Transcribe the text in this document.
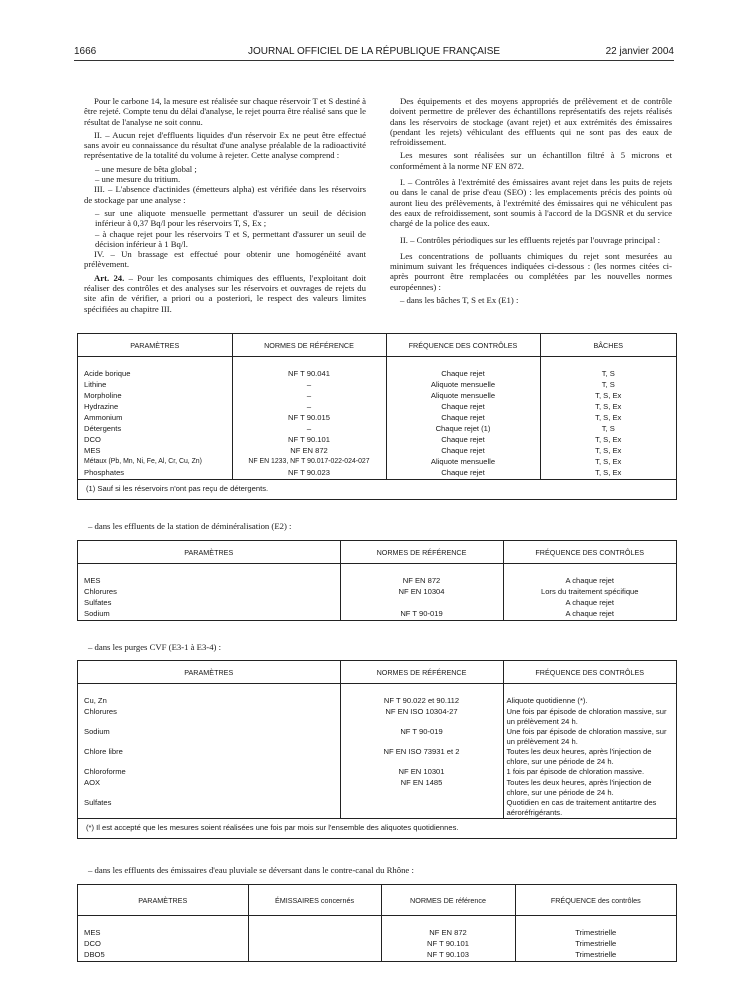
1666	JOURNAL OFFICIEL DE LA RÉPUBLIQUE FRANÇAISE	22 janvier 2004

Pour le carbone 14, la mesure est réalisée sur chaque réservoir T et S destiné à être rejeté. Compte tenu du délai d'analyse, le rejet pourra être réalisé sans que le résultat de l'analyse ne soit connu.

II. – Aucun rejet d'effluents liquides d'un réservoir Ex ne peut être effectué sans avoir eu connaissance du résultat d'une analyse préalable de la radioactivité représentative de la totalité du volume à rejeter. Cette analyse comprend :

– une mesure de bêta global ;

– une mesure du tritium.

III. – L'absence d'actinides (émetteurs alpha) est vérifiée dans les réservoirs de stockage par une analyse :

– sur une aliquote mensuelle permettant d'assurer un seuil de décision inférieur à 0,37 Bq/l pour les réservoirs T, S, Ex ;

– à chaque rejet pour les réservoirs T et S, permettant d'assurer un seuil de décision inférieur à 1 Bq/l.

IV. – Un brassage est effectué pour obtenir une homogénéité avant prélèvement.

Art. 24. – Pour les composants chimiques des effluents, l'exploitant doit réaliser des contrôles et des analyses sur les réservoirs et ouvrages de rejets du site afin de vérifier, a priori ou a posteriori, le respect des valeurs limites spécifiées au chapitre III.

Des équipements et des moyens appropriés de prélèvement et de contrôle doivent permettre de prélever des échantillons représentatifs des rejets réalisés dans les réservoirs de stockage (avant rejet) et aux extrémités des émissaires (pendant les rejets) véhiculant des effluents qui ne sont pas des eaux de refroidissement.

Les mesures sont réalisées sur un échantillon filtré à 5 microns et conformément à la norme NF EN 872.

I. – Contrôles à l'extrémité des émissaires avant rejet dans les puits de rejets ou dans le canal de prise d'eau (SEO) : les emplacements précis des points où auront lieu des prélèvements, à l'extrémité des émissaires qui ne véhiculent pas des eaux de refroidissement, sont soumis à l'accord de la DGSNR et du service chargé de la police des eaux.

II. – Contrôles périodiques sur les effluents rejetés par l'ouvrage principal :

Les concentrations de polluants chimiques du rejet sont mesurées au minimum suivant les fréquences indiquées ci-dessous : (les normes citées ci-après pourront être remplacées ou complétées par les nouvelles normes européennes) :

– dans les bâches T, S et Ex (E1) :

PARAMÈTRES	NORMES DE RÉFÉRENCE	FRÉQUENCE DES CONTRÔLES	BÂCHES

Acide borique	NF T 90.041	Chaque rejet	T, S
Lithine	–	Aliquote mensuelle	T, S
Morpholine	–	Aliquote mensuelle	T, S, Ex
Hydrazine	–	Chaque rejet	T, S, Ex
Ammonium	NF T 90.015	Chaque rejet	T, S, Ex
Détergents	–	Chaque rejet (1)	T, S
DCO	NF T 90.101	Chaque rejet	T, S, Ex
MES	NF EN 872	Chaque rejet	T, S, Ex
Métaux (Pb, Mn, Ni, Fe, Al, Cr, Cu, Zn)	NF EN 1233, NF T 90.017-022-024-027	Aliquote mensuelle	T, S, Ex
Phosphates	NF T 90.023	Chaque rejet	T, S, Ex
(1) Sauf si les réservoirs n'ont pas reçu de détergents.
– dans les effluents de la station de déminéralisation (E2) :
PARAMÈTRES	NORMES DE RÉFÉRENCE	FRÉQUENCE DES CONTRÔLES

MES	NF EN 872	A chaque rejet
Chlorures	NF EN 10304	Lors du traitement spécifique
Sulfates		A chaque rejet
Sodium	NF T 90-019	A chaque rejet
– dans les purges CVF (E3-1 à E3-4) :
PARAMÈTRES	NORMES DE RÉFÉRENCE	FRÉQUENCE DES CONTRÔLES

Cu, Zn	NF T 90.022 et 90.112	Aliquote quotidienne (*).
Chlorures	NF EN ISO 10304-27	Une fois par épisode de chloration massive, sur un prélèvement 24 h.
Sodium	NF T 90-019	Une fois par épisode de chloration massive, sur un prélèvement 24 h.
Chlore libre	NF EN ISO 73931 et 2	Toutes les deux heures, après l'injection de chlore, sur une période de 24 h.
Chloroforme	NF EN 10301	1 fois par épisode de chloration massive.
AOX	NF EN 1485	Toutes les deux heures, après l'injection de chlore, sur une période de 24 h.
Sulfates		Quotidien en cas de traitement antitartre des aéroréfrigérants.
(*) Il est accepté que les mesures soient réalisées une fois par mois sur l'ensemble des aliquotes quotidiennes.
– dans les effluents des émissaires d'eau pluviale se déversant dans le contre-canal du Rhône :
PARAMÈTRES	ÉMISSAIRES concernés	NORMES DE référence	FRÉQUENCE des contrôles

MES		NF EN 872	Trimestrielle
DCO		NF T 90.101	Trimestrielle
DBO5		NF T 90.103	Trimestrielle
